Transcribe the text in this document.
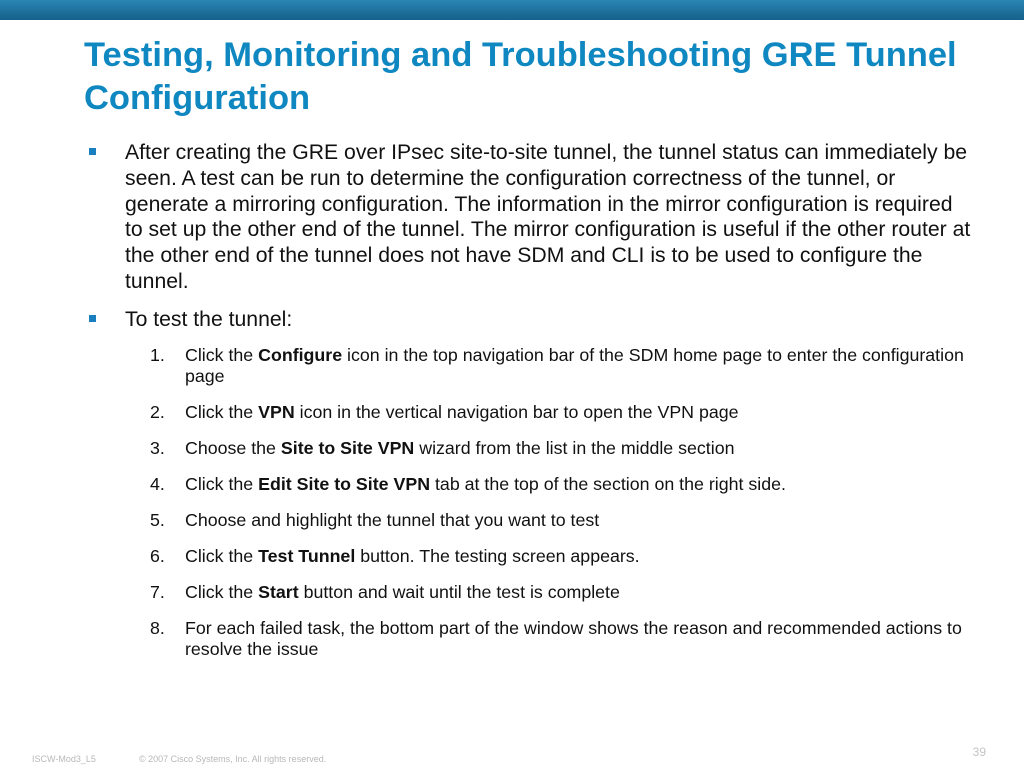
Testing, Monitoring and Troubleshooting GRE Tunnel Configuration
After creating the GRE over IPsec site-to-site tunnel, the tunnel status can immediately be seen. A test can be run to determine the configuration correctness of the tunnel, or generate a mirroring configuration. The information in the mirror configuration is required to set up the other end of the tunnel. The mirror configuration is useful if the other router at the other end of the tunnel does not have SDM and CLI is to be used to configure the tunnel.
To test the tunnel:
1. Click the Configure icon in the top navigation bar of the SDM home page to enter the configuration page
2. Click the VPN icon in the vertical navigation bar to open the VPN page
3. Choose the Site to Site VPN wizard from the list in the middle section
4. Click the Edit Site to Site VPN tab at the top of the section on the right side.
5. Choose and highlight the tunnel that you want to test
6. Click the Test Tunnel button. The testing screen appears.
7. Click the Start button and wait until the test is complete
8. For each failed task, the bottom part of the window shows the reason and recommended actions to resolve the issue
ISCW-Mod3_L5	© 2007 Cisco Systems, Inc. All rights reserved.	39
